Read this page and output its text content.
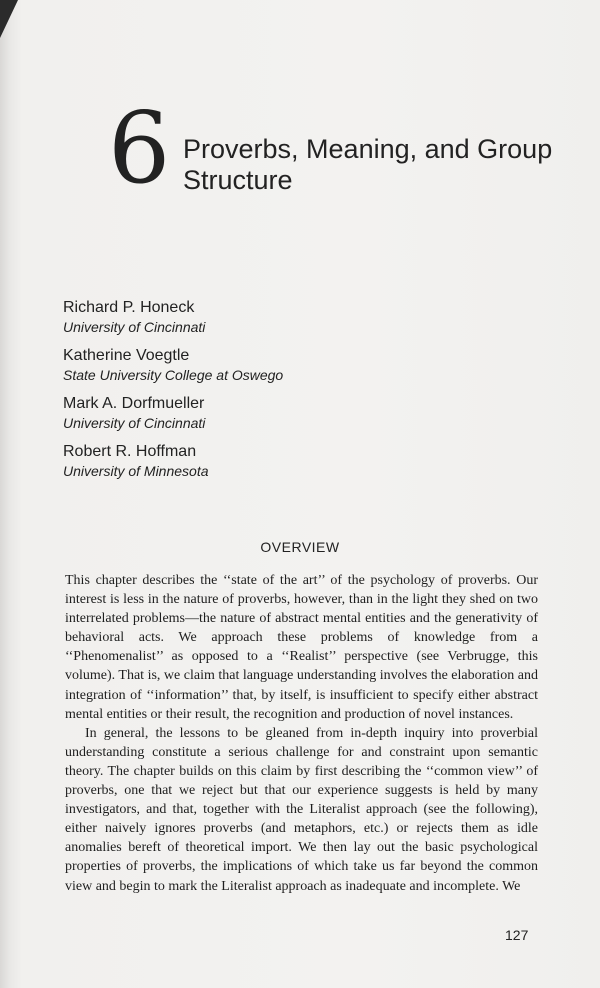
6 Proverbs, Meaning, and Group Structure
Richard P. Honeck
University of Cincinnati
Katherine Voegtle
State University College at Oswego
Mark A. Dorfmueller
University of Cincinnati
Robert R. Hoffman
University of Minnesota
OVERVIEW

This chapter describes the ‘‘state of the art’’ of the psychology of proverbs. Our interest is less in the nature of proverbs, however, than in the light they shed on two interrelated problems—the nature of abstract mental entities and the generativity of behavioral acts. We approach these problems of knowledge from a ‘‘Phenomenalist’’ as opposed to a ‘‘Realist’’ perspective (see Verbrugge, this volume). That is, we claim that language understanding involves the elaboration and integration of ‘‘information’’ that, by itself, is insufficient to specify either abstract mental entities or their result, the recognition and production of novel instances.

In general, the lessons to be gleaned from in-depth inquiry into proverbial understanding constitute a serious challenge for and constraint upon semantic theory. The chapter builds on this claim by first describing the ‘‘common view’’ of proverbs, one that we reject but that our experience suggests is held by many investigators, and that, together with the Literalist approach (see the following), either naively ignores proverbs (and metaphors, etc.) or rejects them as idle anomalies bereft of theoretical import. We then lay out the basic psychological properties of proverbs, the implications of which take us far beyond the common view and begin to mark the Literalist approach as inadequate and incomplete. We

127
